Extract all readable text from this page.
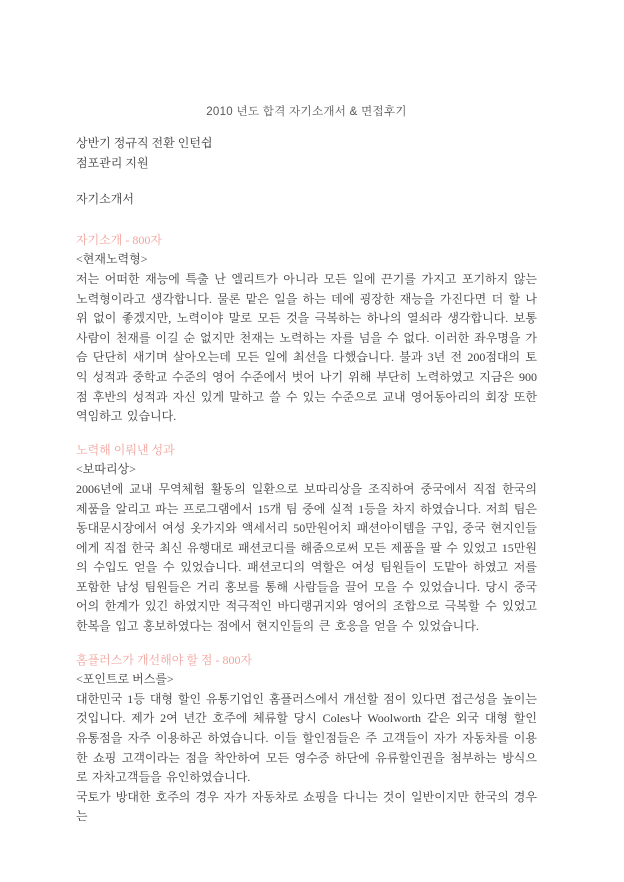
2010 년도 합격 자기소개서 & 면접후기

상반기 정규직 전환 인턴쉽

점포관리 지원

자기소개서
자기소개 - 800자

<현재노력형>

저는 어떠한 재능에 특출 난 엘리트가 아니라 모든 일에 끈기를 가지고 포기하지 않는 노력형이라고 생각합니다. 물론 맡은 일을 하는 데에 굉장한 재능을 가진다면 더 할 나위 없이 좋겠지만, 노력이야 말로 모든 것을 극복하는 하나의 열쇠라 생각합니다. 보통사람이 천재를 이길 순 없지만 천재는 노력하는 자를 넘을 수 없다. 이러한 좌우명을 가슴 단단히 새기며 살아오는데 모든 일에 최선을 다했습니다. 불과 3년 전 200점대의 토익 성적과 중학교 수준의 영어 수준에서 벗어 나기 위해 부단히 노력하였고 지금은 900점 후반의 성적과 자신 있게 말하고 쓸 수 있는 수준으로 교내 영어동아리의 회장 또한 역임하고 있습니다.

노력해 이뤄낸 성과

<보따리상>

2006년에 교내 무역체험 활동의 일환으로 보따리상을 조직하여 중국에서 직접 한국의 제품을 알리고 파는 프로그램에서 15개 팀 중에 실적 1등을 차지 하였습니다. 저희 팀은 동대문시장에서 여성 옷가지와 액세서리 50만원어치 패션아이템을 구입, 중국 현지인들에게 직접 한국 최신 유행대로 패션코디를 해줌으로써 모든 제품을 팔 수 있었고 15만원의 수입도 얻을 수 있었습니다. 패션코디의 역할은 여성 팀원들이 도맡아 하였고 저를 포함한 남성 팀원들은 거리 홍보를 통해 사람들을 끌어 모을 수 있었습니다. 당시 중국어의 한계가 있긴 하였지만 적극적인 바디랭귀지와 영어의 조합으로 극복할 수 있었고 한복을 입고 홍보하였다는 점에서 현지인들의 큰 호응을 얻을 수 있었습니다.

홈플러스가 개선해야 할 점 - 800자

<포인트로 버스를>

대한민국 1등 대형 할인 유통기업인 홈플러스에서 개선할 점이 있다면 접근성을 높이는 것입니다. 제가 2여 년간 호주에 체류할 당시 Coles나 Woolworth 같은 외국 대형 할인 유통점을 자주 이용하곤 하였습니다. 이들 할인점들은 주 고객들이 자가 자동차를 이용한 쇼핑 고객이라는 점을 착안하여 모든 영수증 하단에 유류할인권을 첨부하는 방식으로 자차고객들을 유인하였습니다.

국토가 방대한 호주의 경우 자가 자동차로 쇼핑을 다니는 것이 일반이지만 한국의 경우는
